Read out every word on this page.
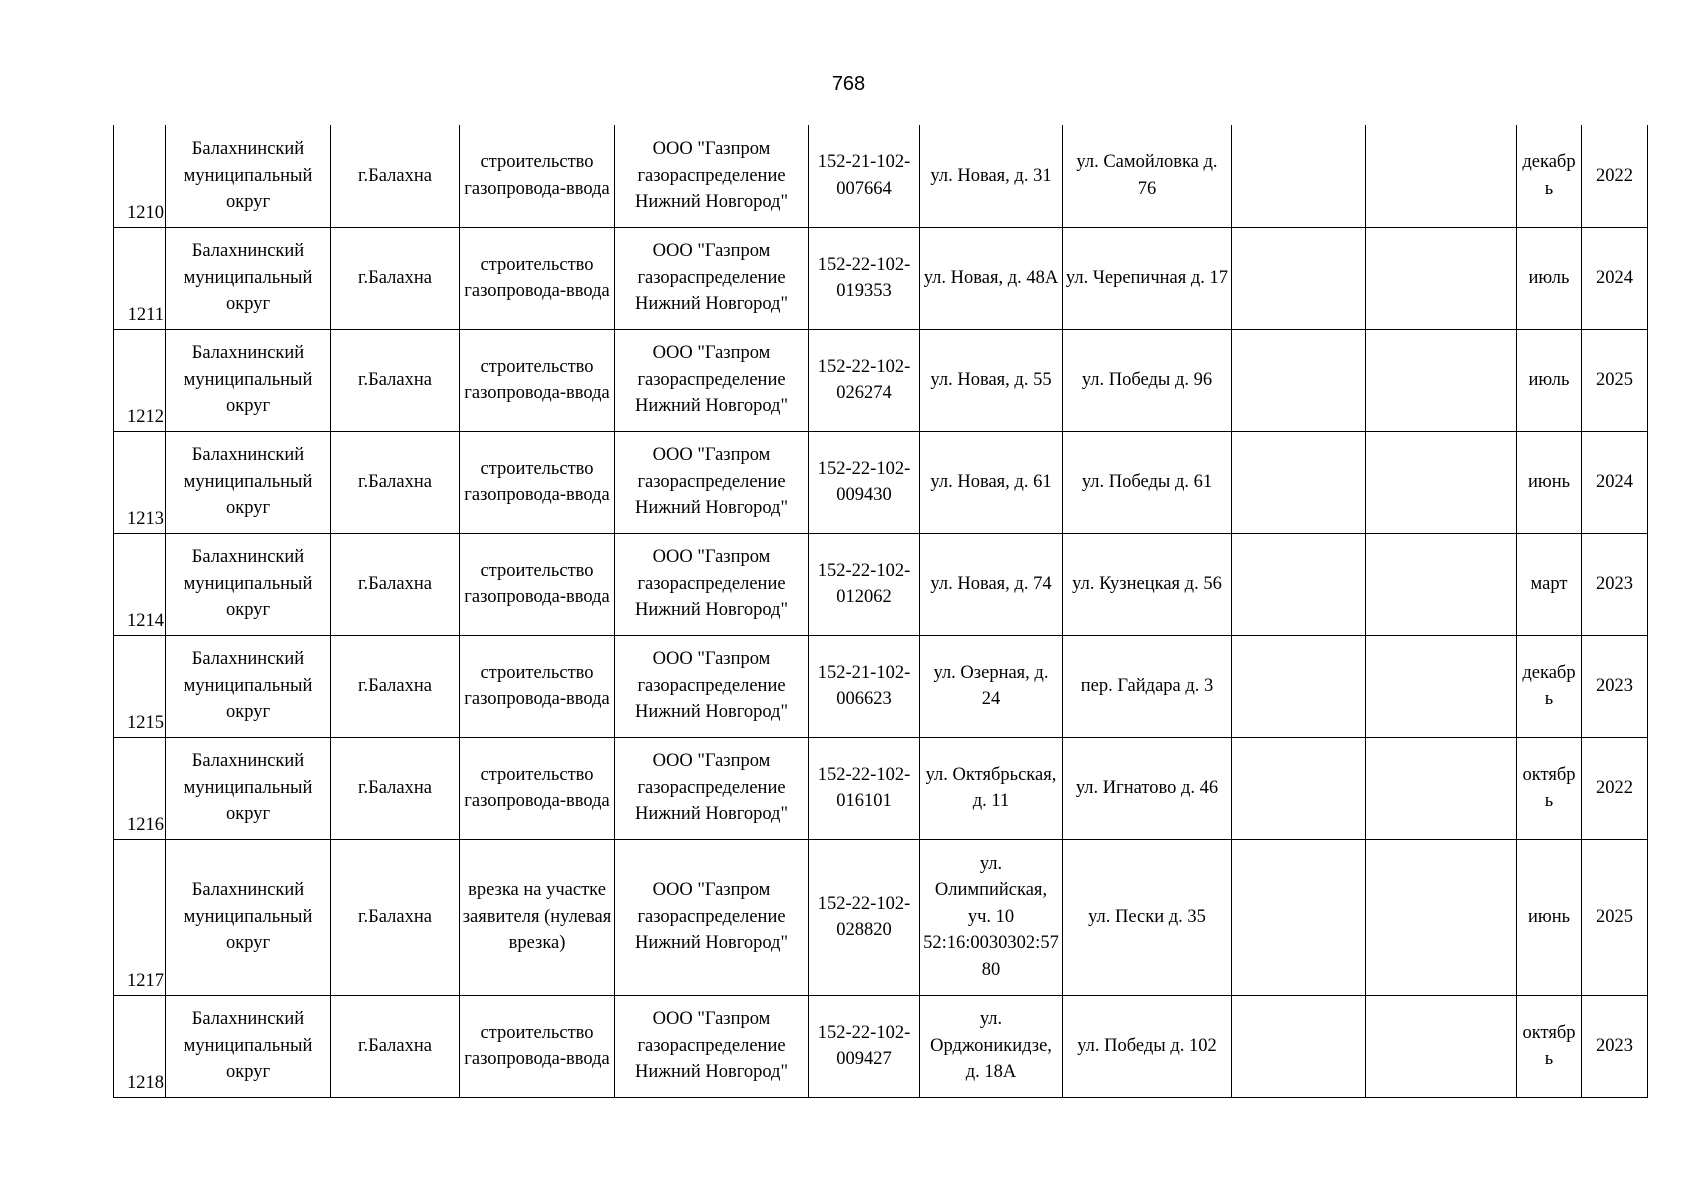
768
1210	Балахнинский муниципальный округ	г.Балахна	строительство газопровода-ввода	ООО "Газпром газораспределение Нижний Новгород"	152-21-102-007664	ул. Новая, д. 31	ул. Самойловка д. 76			декабрь	2022
1211	Балахнинский муниципальный округ	г.Балахна	строительство газопровода-ввода	ООО "Газпром газораспределение Нижний Новгород"	152-22-102-019353	ул. Новая, д. 48А	ул. Черепичная д. 17			июль	2024
1212	Балахнинский муниципальный округ	г.Балахна	строительство газопровода-ввода	ООО "Газпром газораспределение Нижний Новгород"	152-22-102-026274	ул. Новая, д. 55	ул. Победы д. 96			июль	2025
1213	Балахнинский муниципальный округ	г.Балахна	строительство газопровода-ввода	ООО "Газпром газораспределение Нижний Новгород"	152-22-102-009430	ул. Новая, д. 61	ул. Победы д. 61			июнь	2024
1214	Балахнинский муниципальный округ	г.Балахна	строительство газопровода-ввода	ООО "Газпром газораспределение Нижний Новгород"	152-22-102-012062	ул. Новая, д. 74	ул. Кузнецкая д. 56			март	2023
1215	Балахнинский муниципальный округ	г.Балахна	строительство газопровода-ввода	ООО "Газпром газораспределение Нижний Новгород"	152-21-102-006623	ул. Озерная, д. 24	пер. Гайдара д. 3			декабрь	2023
1216	Балахнинский муниципальный округ	г.Балахна	строительство газопровода-ввода	ООО "Газпром газораспределение Нижний Новгород"	152-22-102-016101	ул. Октябрьская, д. 11	ул. Игнатово д. 46			октябрь	2022
1217	Балахнинский муниципальный округ	г.Балахна	врезка на участке заявителя (нулевая врезка)	ООО "Газпром газораспределение Нижний Новгород"	152-22-102-028820	ул. Олимпийская, уч. 10 52:16:0030302:5780	ул. Пески д. 35			июнь	2025
1218	Балахнинский муниципальный округ	г.Балахна	строительство газопровода-ввода	ООО "Газпром газораспределение Нижний Новгород"	152-22-102-009427	ул. Орджоникидзе, д. 18А	ул. Победы д. 102			октябрь	2023
